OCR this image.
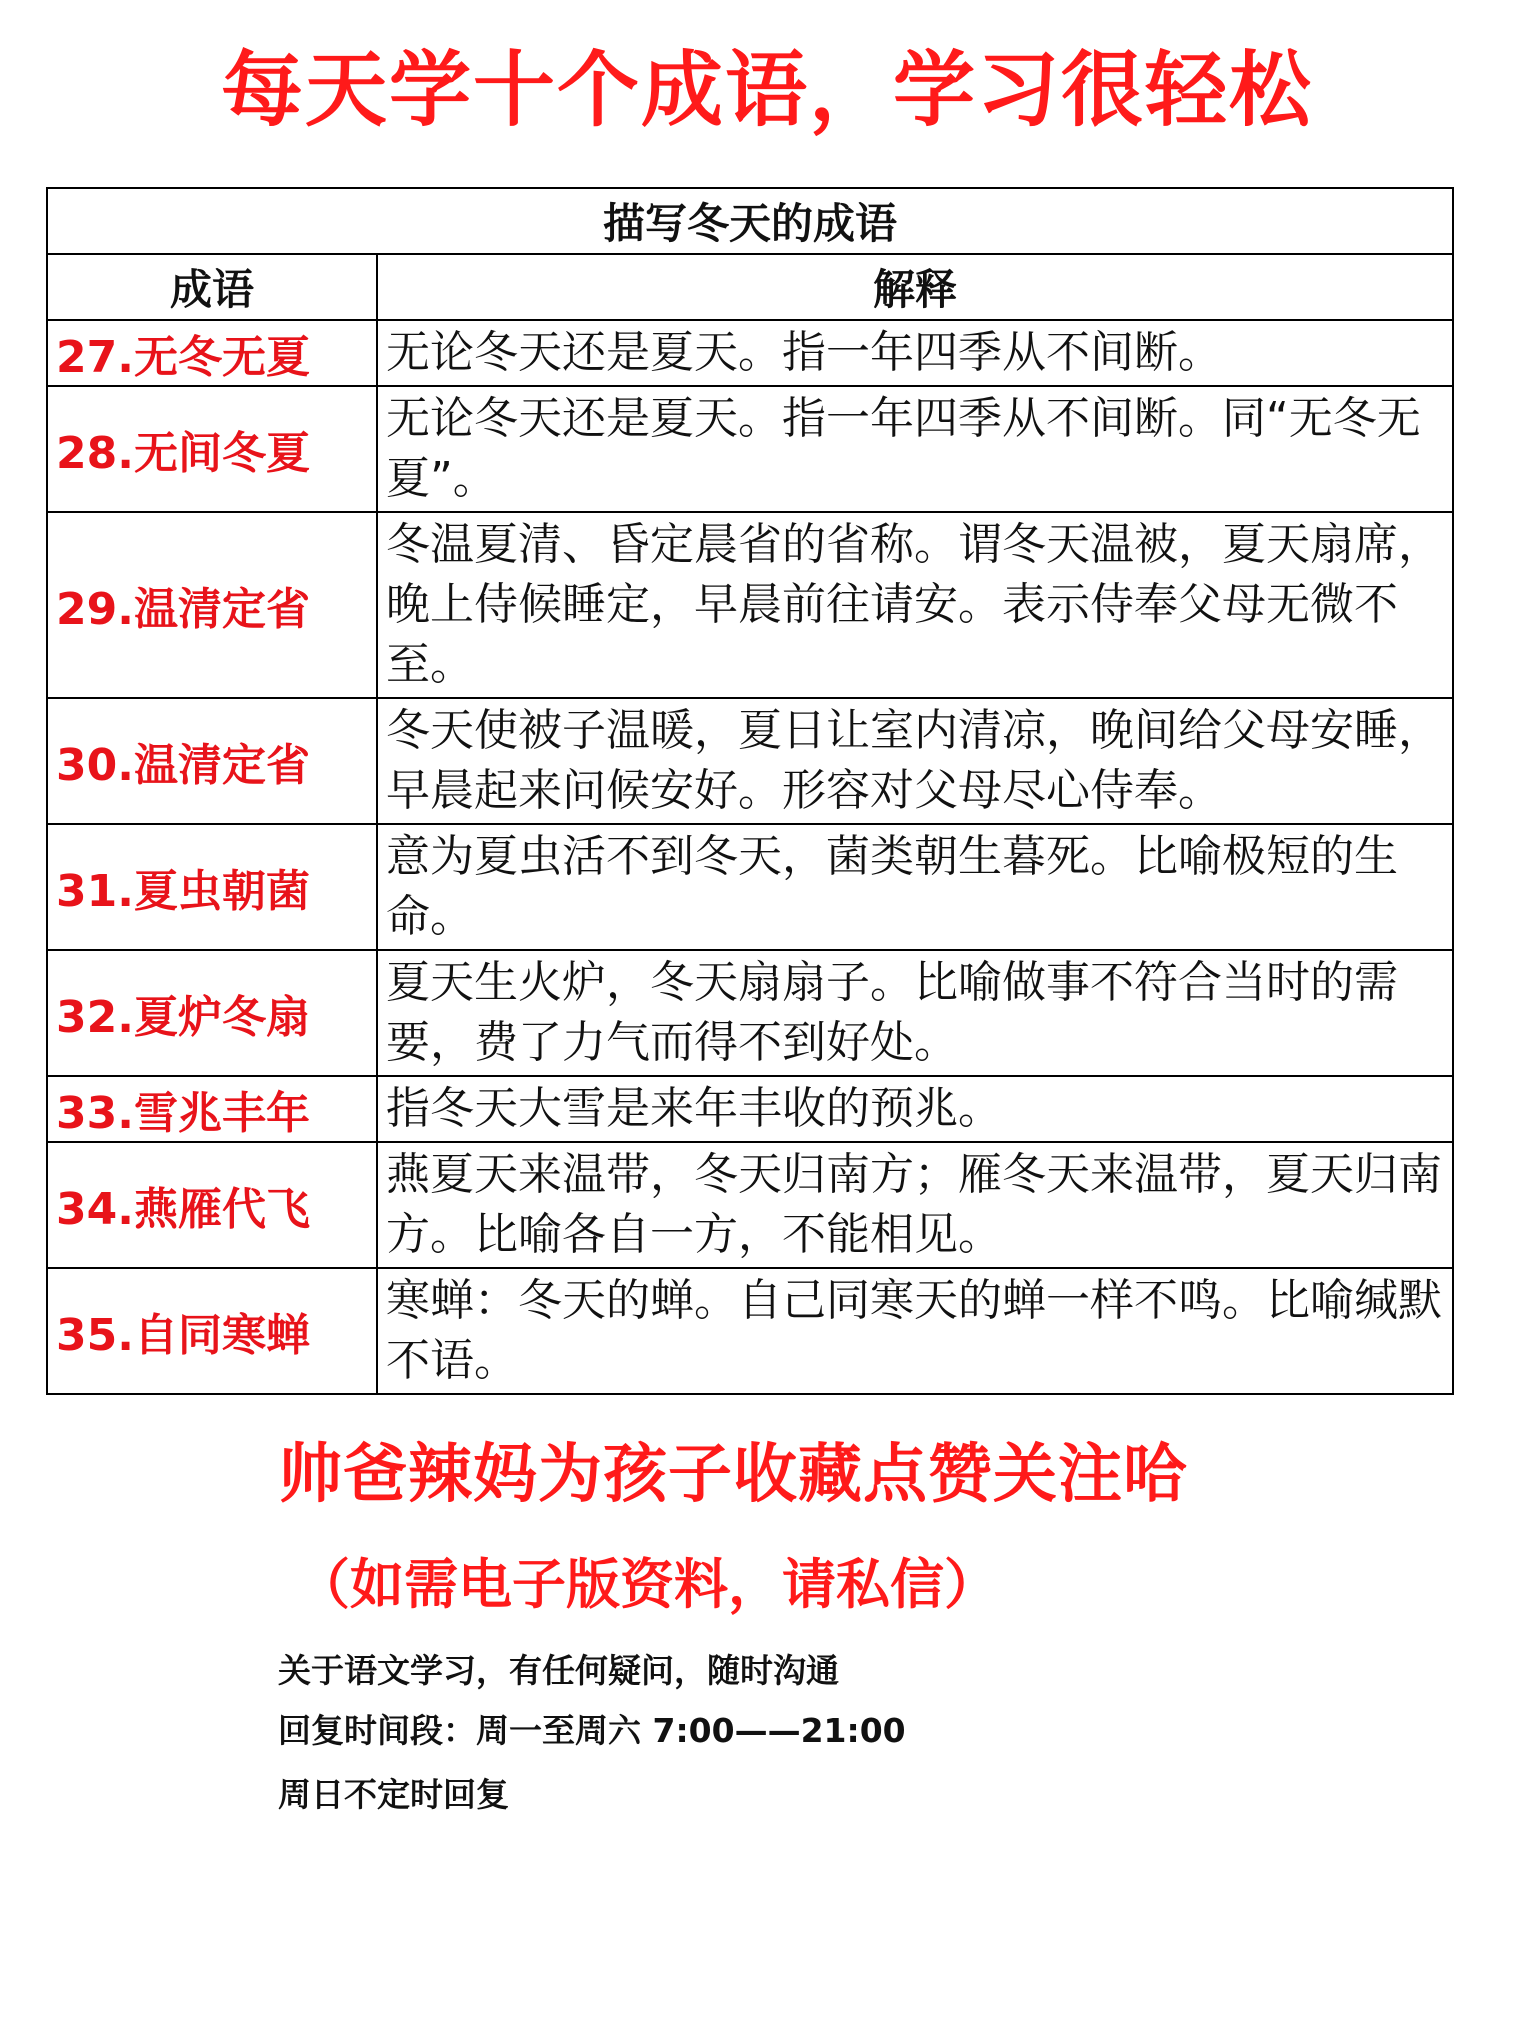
每天学十个成语，学习很轻松
描写冬天的成语	
成语	解释
27.无冬无夏	无论冬天还是夏天。指一年四季从不间断。
28.无间冬夏	无论冬天还是夏天。指一年四季从不间断。同“无冬无夏”。
29.温清定省	冬温夏清、昏定晨省的省称。谓冬天温被，夏天扇席，晚上侍候睡定，早晨前往请安。表示侍奉父母无微不至。
30.温清定省	冬天使被子温暖，夏日让室内清凉，晚间给父母安睡，早晨起来问候安好。形容对父母尽心侍奉。
31.夏虫朝菌	意为夏虫活不到冬天，菌类朝生暮死。比喻极短的生命。
32.夏炉冬扇	夏天生火炉，冬天扇扇子。比喻做事不符合当时的需要，费了力气而得不到好处。
33.雪兆丰年	指冬天大雪是来年丰收的预兆。
34.燕雁代飞	燕夏天来温带，冬天归南方；雁冬天来温带，夏天归南方。比喻各自一方，不能相见。
35.自同寒蝉	寒蝉：冬天的蝉。自己同寒天的蝉一样不鸣。比喻缄默不语。
帅爸辣妈为孩子收藏点赞关注哈
（如需电子版资料，请私信）
关于语文学习，有任何疑问，随时沟通
回复时间段：周一至周六 7:00——21:00
周日不定时回复
